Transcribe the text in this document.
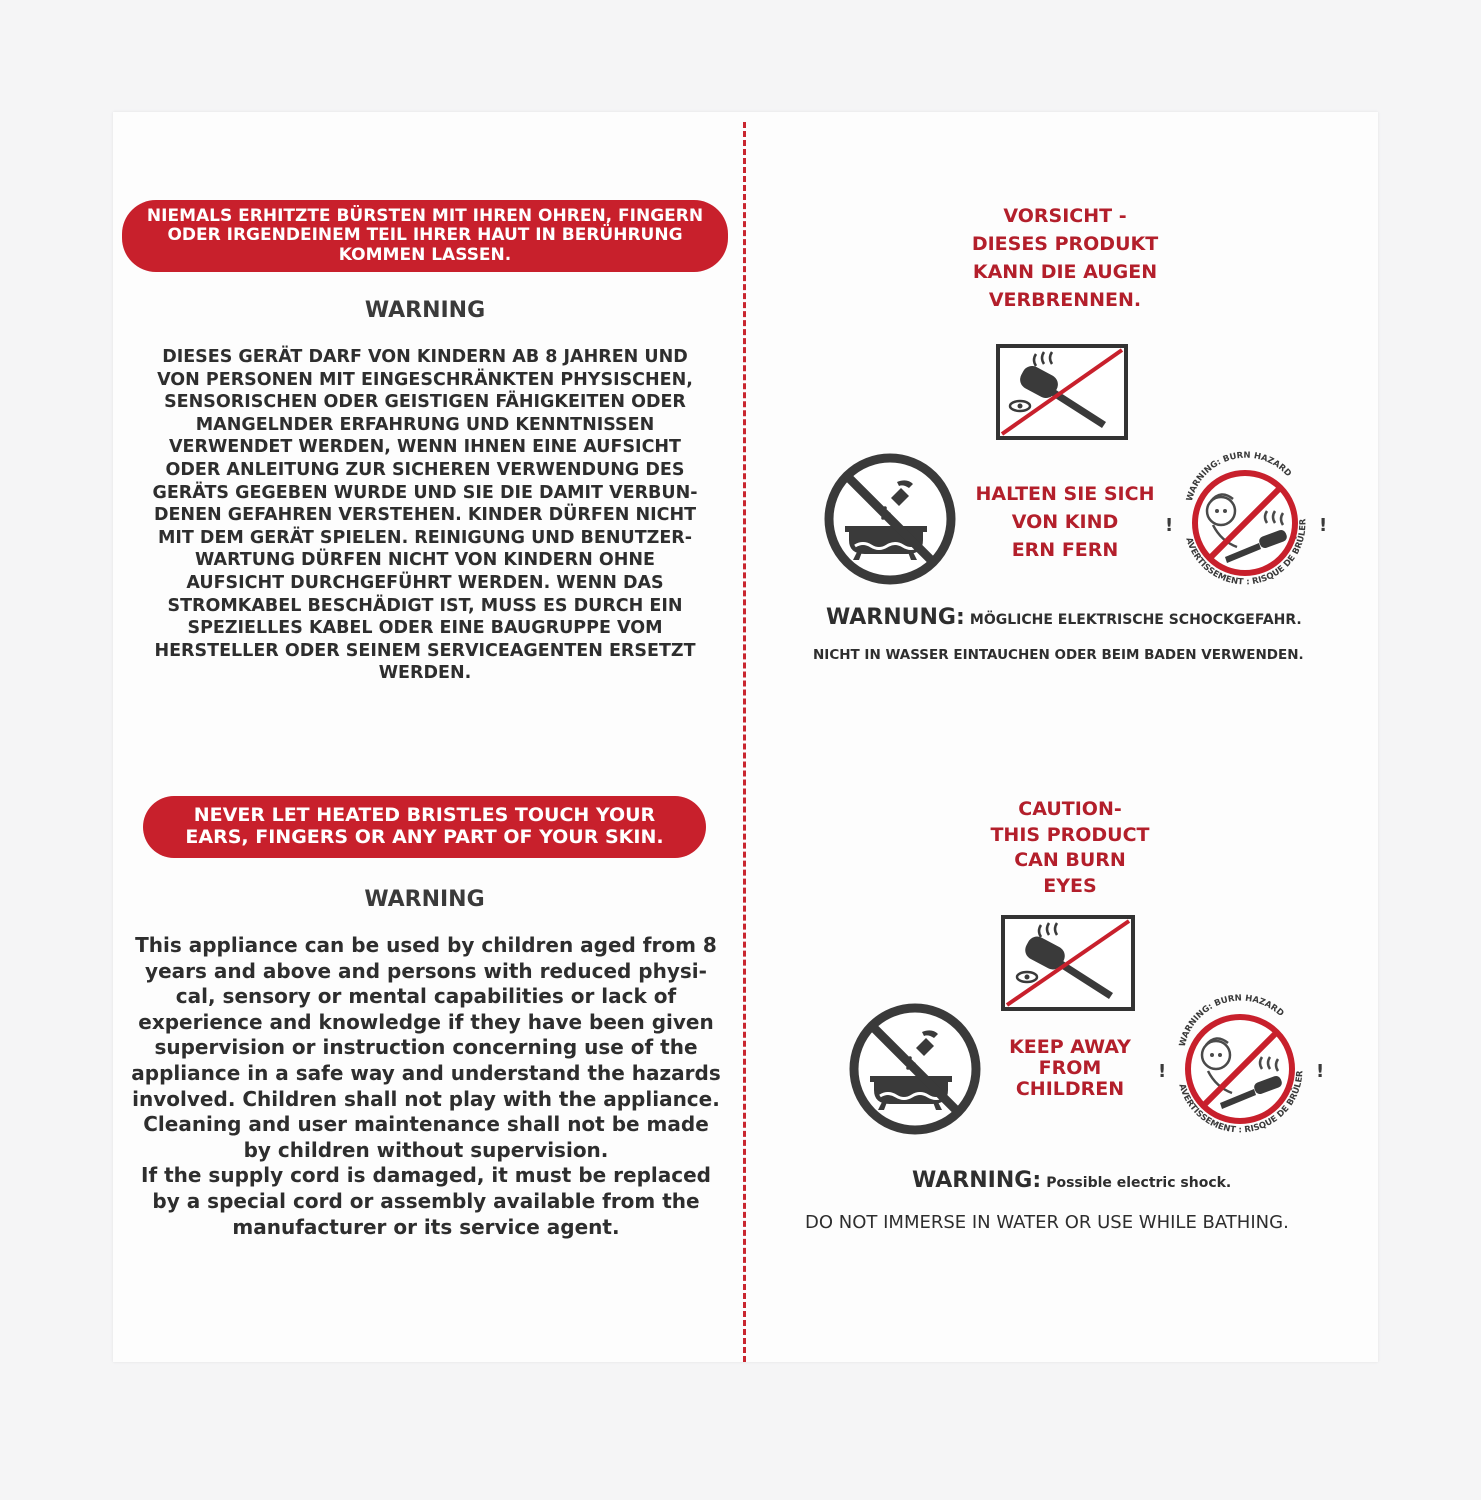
NIEMALS ERHITZTE BÜRSTEN MIT IHREN OHREN, FINGERN ODER IRGENDEINEM TEIL IHRER HAUT IN BERÜHRUNG KOMMEN LASSEN.
WARNING
DIESES GERÄT DARF VON KINDERN AB 8 JAHREN UND
VON PERSONEN MIT EINGESCHRÄNKTEN PHYSISCHEN,
SENSORISCHEN ODER GEISTIGEN FÄHIGKEITEN ODER
MANGELNDER ERFAHRUNG UND KENNTNISSEN
VERWENDET WERDEN, WENN IHNEN EINE AUFSICHT
ODER ANLEITUNG ZUR SICHEREN VERWENDUNG DES
GERÄTS GEGEBEN WURDE UND SIE DIE DAMIT VERBUN-
DENEN GEFAHREN VERSTEHEN. KINDER DÜRFEN NICHT
MIT DEM GERÄT SPIELEN. REINIGUNG UND BENUTZER-
WARTUNG DÜRFEN NICHT VON KINDERN OHNE
AUFSICHT DURCHGEFÜHRT WERDEN. WENN DAS
STROMKABEL BESCHÄDIGT IST, MUSS ES DURCH EIN
SPEZIELLES KABEL ODER EINE BAUGRUPPE VOM
HERSTELLER ODER SEINEM SERVICEAGENTEN ERSETZT
WERDEN.
NEVER LET HEATED BRISTLES TOUCH YOUR EARS, FINGERS OR ANY PART OF YOUR SKIN.
WARNING
This appliance can be used by children aged from 8
years and above and persons with reduced physi-
cal, sensory or mental capabilities or lack of
experience and knowledge if they have been given
supervision or instruction concerning use of the
appliance in a safe way and understand the hazards
involved. Children shall not play with the appliance.
Cleaning and user maintenance shall not be made
by children without supervision.
If the supply cord is damaged, it must be replaced
by a special cord or assembly available from the
manufacturer or its service agent.
VORSICHT -
DIESES PRODUKT
KANN DIE AUGEN
VERBRENNEN.
HALTEN SIE SICH
VON KIND
ERN FERN
!	!
WARNING: BURN HAZARD
AVERTISSEMENT : RISQUE DE BRÛLER
WARNUNG: MÖGLICHE ELEKTRISCHE SCHOCKGEFAHR.
NICHT IN WASSER EINTAUCHEN ODER BEIM BADEN VERWENDEN.
CAUTION-
THIS PRODUCT
CAN BURN
EYES
KEEP AWAY
FROM
CHILDREN
!	!
WARNING: BURN HAZARD
AVERTISSEMENT : RISQUE DE BRÛLER
WARNING: Possible electric shock.
DO NOT IMMERSE IN WATER OR USE WHILE BATHING.
